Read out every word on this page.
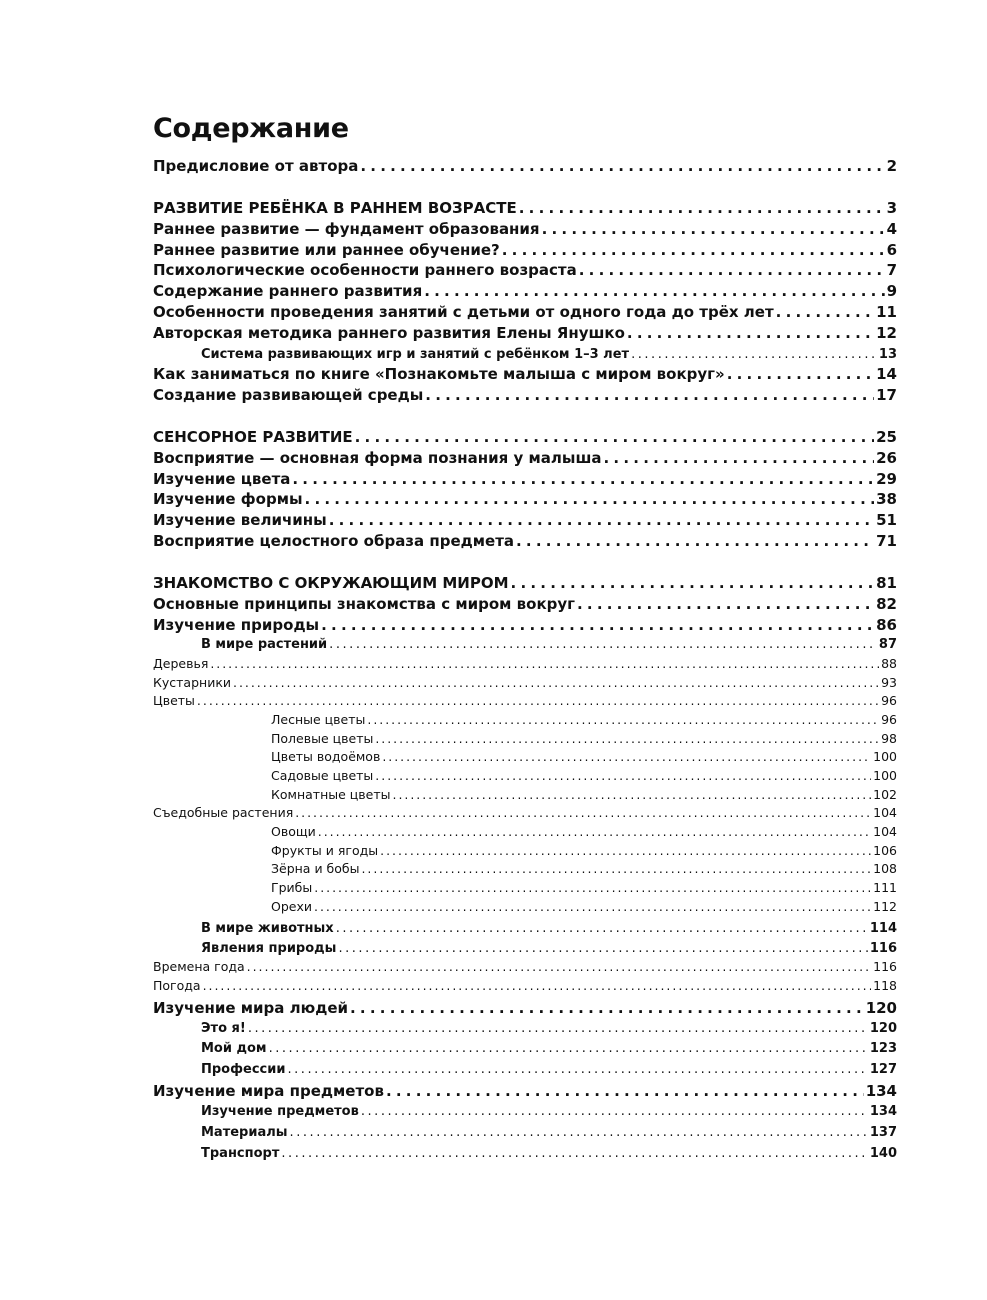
Содержание
Предисловие от автора . . .	2
РАЗВИТИЕ РЕБЁНКА В РАННЕМ ВОЗРАСТЕ . . .	3
Раннее развитие — фундамент образования . . .	4
Раннее развитие или раннее обучение? . . .	6
Психологические особенности раннего возраста . . .	7
Содержание раннего развития . . .	9
Особенности проведения занятий с детьми от одного года до трёх лет . . .	11
Авторская методика раннего развития Елены Янушко . . .	12
Система развивающих игр и занятий с ребёнком 1–3 лет . . .	13
Как заниматься по книге «Познакомьте малыша с миром вокруг» . . .	14
Создание развивающей среды . . .	17
СЕНСОРНОЕ РАЗВИТИЕ . . .	25
Восприятие — основная форма познания у малыша . . .	26
Изучение цвета . . .	29
Изучение формы . . .	38
Изучение величины . . .	51
Восприятие целостного образа предмета . . .	71
ЗНАКОМСТВО С ОКРУЖАЮЩИМ МИРОМ . . .	81
Основные принципы знакомства с миром вокруг . . .	82
Изучение природы . . .	86
В мире растений . . .	87
Деревья . . .	88
Кустарники . . .	93
Цветы . . .	96
Лесные цветы . . .	96
Полевые цветы . . .	98
Цветы водоёмов . . .	100
Садовые цветы . . .	100
Комнатные цветы . . .	102
Съедобные растения . . .	104
Овощи . . .	104
Фрукты и ягоды . . .	106
Зёрна и бобы . . .	108
Грибы . . .	111
Орехи . . .	112
В мире животных . . .	114
Явления природы . . .	116
Времена года . . .	116
Погода . . .	118
Изучение мира людей . . .	120
Это я! . . .	120
Мой дом . . .	123
Профессии . . .	127
Изучение мира предметов . . .	134
Изучение предметов . . .	134
Материалы . . .	137
Транспорт . . .	140
